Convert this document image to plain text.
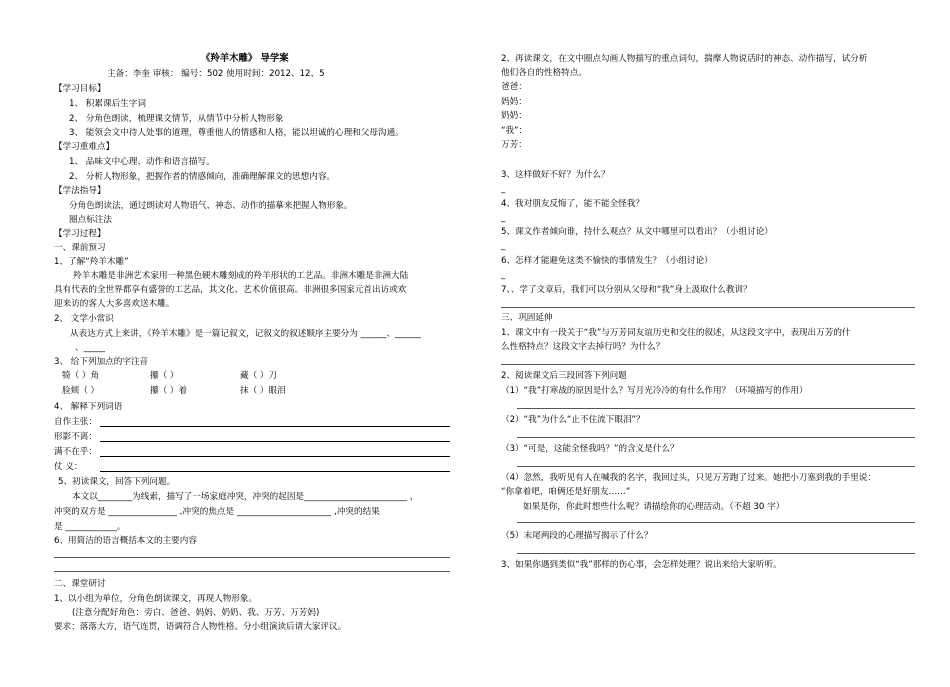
《羚羊木雕》 导学案
主备：李奎 审核： 编号：502 使用时间：2012、12、5
【学习目标】
1、 积累课后生字词
2、 分角色朗读，梳理课文情节，从情节中分析人物形象
3、 能领会文中待人处事的道理，尊重他人的情感和人格，能以坦诚的心理和父母沟通。
【学习重难点】
1、 品味文中心理、动作和语言描写。
2、 分析人物形象，把握作者的情感倾向，准确理解课文的思想内容。
【学法指导】
分角色朗读法，通过朗读对人物语气、神态、动作的描摹来把握人物形象。
圈点标注法
【学习过程】
一、课前预习
1、了解“羚羊木雕”
羚羊木雕是非洲艺术家用一种黑色硬木雕刻成的羚羊形状的工艺品。非洲木雕是非洲大陆
具有代表的全世界都享有盛誉的工艺品，其文化、艺术价值很高。非洲很多国家元首出访或欢
迎来访的客人大多喜欢送木雕。
2、 文学小常识
从表达方式上来讲，《羚羊木雕》是一篇记叙文，记叙文的叙述顺序主要分为 ______、______
、_____
3、 给下列加点的字注音
犄（ ）角	攥（ ）	藏（ ）刀
脸颊（ ）	攥（ ）着	抹（ ）眼泪
4、 解释下列词语
自作主张：
形影不离：
满不在乎：
仗 义：
5、初读课文，回答下列问题。
本文以________为线索，描写了一场家庭冲突，冲突的起因是________________________ ，
冲突的双方是 ________________ ,冲突的焦点是 ______________________ ,冲突的结果
是 ____________。
6、用简洁的语言概括本文的主要内容
二、课堂研讨
1、以小组为单位，分角色朗读课文，再现人物形象。
(注意分配好角色：旁白、爸爸、妈妈、奶奶、我、万芳、万芳妈)
要求：落落大方，语气连贯，语调符合人物性格。分小组演读后请大家评议。
2、再读课文，在文中圈点勾画人物描写的重点词句，揣摩人物说话时的神态、动作描写，试分析
他们各自的性格特点。
爸爸：
妈妈：
奶奶：
“我”：
万芳：
3、这样做好不好？为什么？
_
4、我对朋友反悔了，能不能全怪我？
_
5、课文作者倾向谁，持什么观点？从文中哪里可以看出？（小组讨论）
_
6、怎样才能避免这类不愉快的事情发生？（小组讨论）
_
7、、学了文章后，我们可以分别从父母和“我”身上汲取什么教训？
三、巩固延伸
1、课文中有一段关于“我”与万芳同友谊历史和交往的叙述，从这段文字中，表现出万芳的什
么性格特点？这段文字去掉行吗？为什么？
2、阅读课文后三段回答下列问题
（1）“我”打寒战的原因是什么？写月光冷冷的有什么作用？（环境描写的作用）
（2）“我”为什么“止不住流下眼泪”？
（3）“可是，这能全怪我吗？”的含义是什么？
（4）忽然，我听见有人在喊我的名字，我回过头，只见万芳跑了过来。她把小刀塞到我的手里说：
“你拿着吧，咱俩还是好朋友……”
如果是你，你此时想些什么呢？请描绘你的心理活动。（不超 30 字）
（5）末尾两段的心理描写揭示了什么？
3、如果你遇到类似“我”那样的伤心事，会怎样处理？说出来给大家听听。
